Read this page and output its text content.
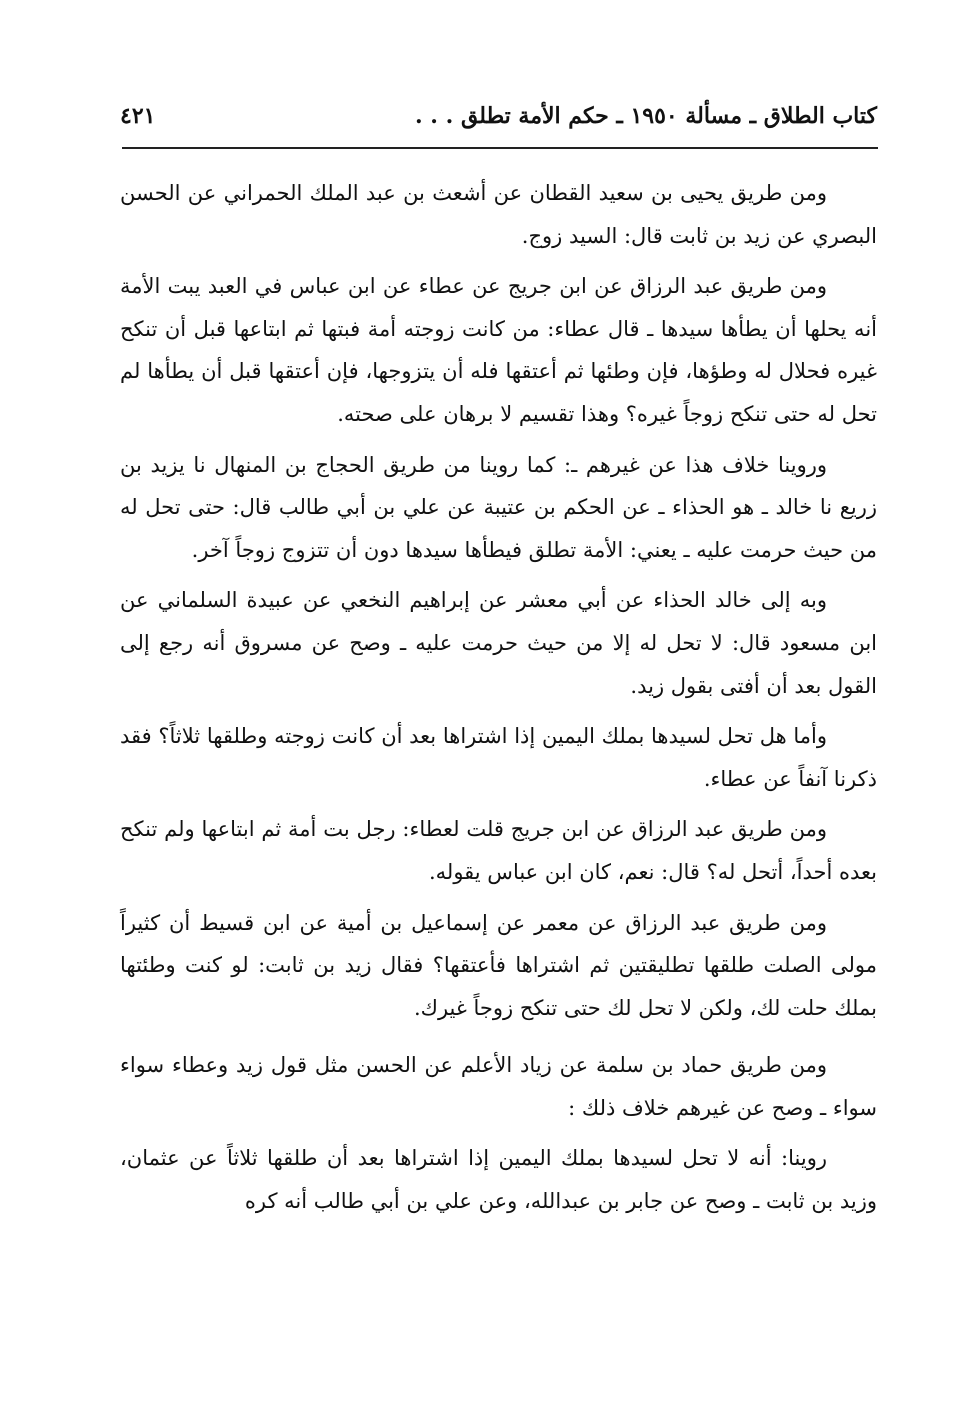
كتاب الطلاق ـ مسألة ١٩٥٠ ـ حكم الأمة تطلق . . .
٤٢١

ومن طريق يحيى بن سعيد القطان عن أشعث بن عبد الملك الحمراني عن الحسن البصري عن زيد بن ثابت قال: السيد زوج.

ومن طريق عبد الرزاق عن ابن جريج عن عطاء عن ابن عباس في العبد يبت الأمة أنه يحلها أن يطأها سيدها ـ قال عطاء: من كانت زوجته أمة فبتها ثم ابتاعها قبل أن تنكح غيره فحلال له وطؤها، فإن وطئها ثم أعتقها فله أن يتزوجها، فإن أعتقها قبل أن يطأها لم تحل له حتى تنكح زوجاً غيره؟ وهذا تقسيم لا برهان على صحته.

وروينا خلاف هذا عن غيرهم ـ: كما روينا من طريق الحجاج بن المنهال نا يزيد بن زريع نا خالد ـ هو الحذاء ـ عن الحكم بن عتيبة عن علي بن أبي طالب قال: حتى تحل له من حيث حرمت عليه ـ يعني: الأمة تطلق فيطأها سيدها دون أن تتزوج زوجاً آخر.

وبه إلى خالد الحذاء عن أبي معشر عن إبراهيم النخعي عن عبيدة السلماني عن ابن مسعود قال: لا تحل له إلا من حيث حرمت عليه ـ وصح عن مسروق أنه رجع إلى القول بعد أن أفتى بقول زيد.

وأما هل تحل لسيدها بملك اليمين إذا اشتراها بعد أن كانت زوجته وطلقها ثلاثاً؟ فقد ذكرنا آنفاً عن عطاء.

ومن طريق عبد الرزاق عن ابن جريج قلت لعطاء: رجل بت أمة ثم ابتاعها ولم تنكح بعده أحداً، أتحل له؟ قال: نعم، كان ابن عباس يقوله.

ومن طريق عبد الرزاق عن معمر عن إسماعيل بن أمية عن ابن قسيط أن كثيراً مولى الصلت طلقها تطليقتين ثم اشتراها فأعتقها؟ فقال زيد بن ثابت: لو كنت وطئتها بملك حلت لك، ولكن لا تحل لك حتى تنكح زوجاً غيرك.

ومن طريق حماد بن سلمة عن زياد الأعلم عن الحسن مثل قول زيد وعطاء سواء سواء ـ وصح عن غيرهم خلاف ذلك :

روينا: أنه لا تحل لسيدها بملك اليمين إذا اشتراها بعد أن طلقها ثلاثاً عن عثمان، وزيد بن ثابت ـ وصح عن جابر بن عبدالله، وعن علي بن أبي طالب أنه كره
